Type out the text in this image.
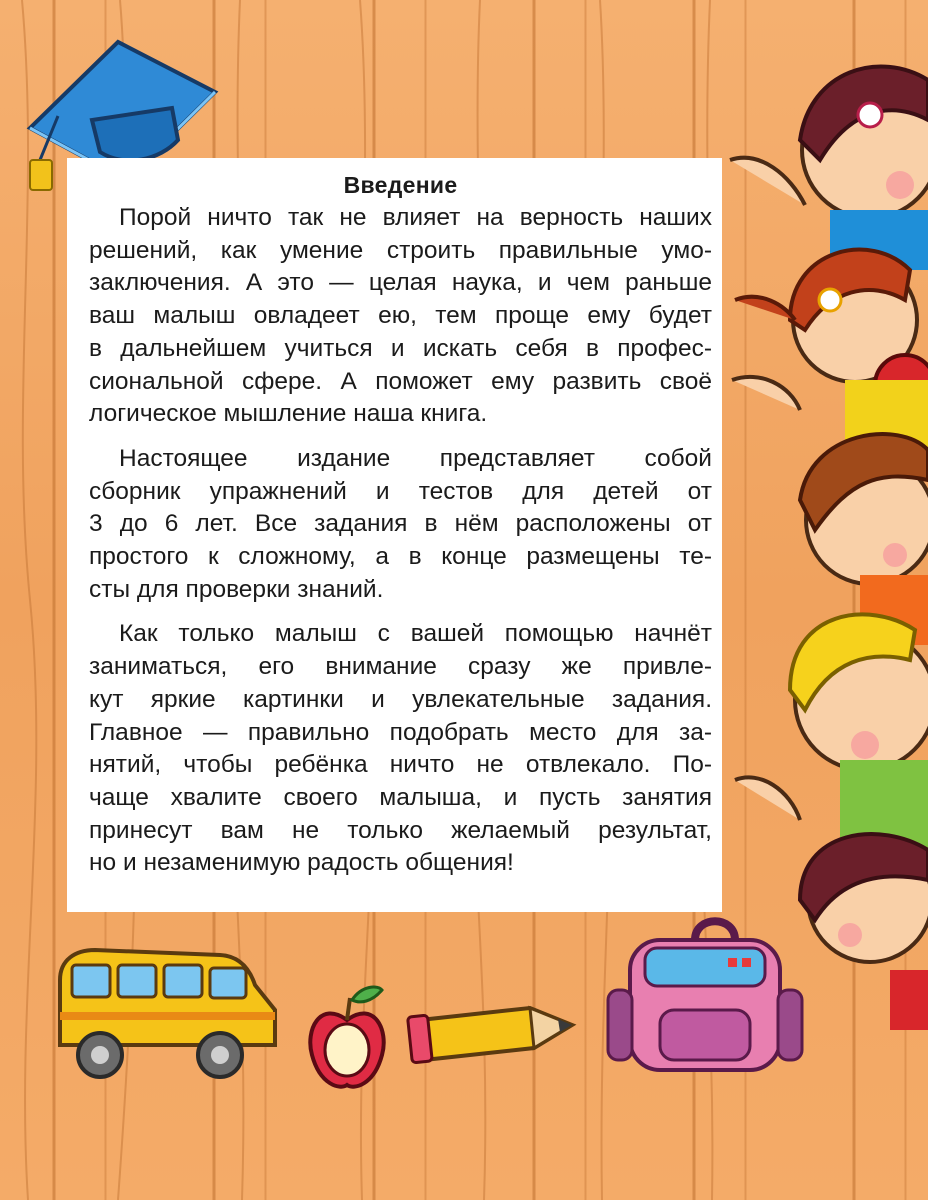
Введение
Порой ничто так не влияет на верность наших
решений, как умение строить правильные умо-
заключения. А это — целая наука, и чем раньше
ваш малыш овладеет ею, тем проще ему будет
в дальнейшем учиться и искать себя в профес-
сиональной сфере. А поможет ему развить своё
логическое мышление наша книга.
Настоящее издание представляет собой
сборник упражнений и тестов для детей от
3 до 6 лет. Все задания в нём расположены от
простого к сложному, а в конце размещены те-
сты для проверки знаний.
Как только малыш с вашей помощью начнёт
заниматься, его внимание сразу же привле-
кут яркие картинки и увлекательные задания.
Главное — правильно подобрать место для за-
нятий, чтобы ребёнка ничто не отвлекало. По-
чаще хвалите своего малыша, и пусть занятия
принесут вам не только желаемый результат,
но и незаменимую радость общения!
